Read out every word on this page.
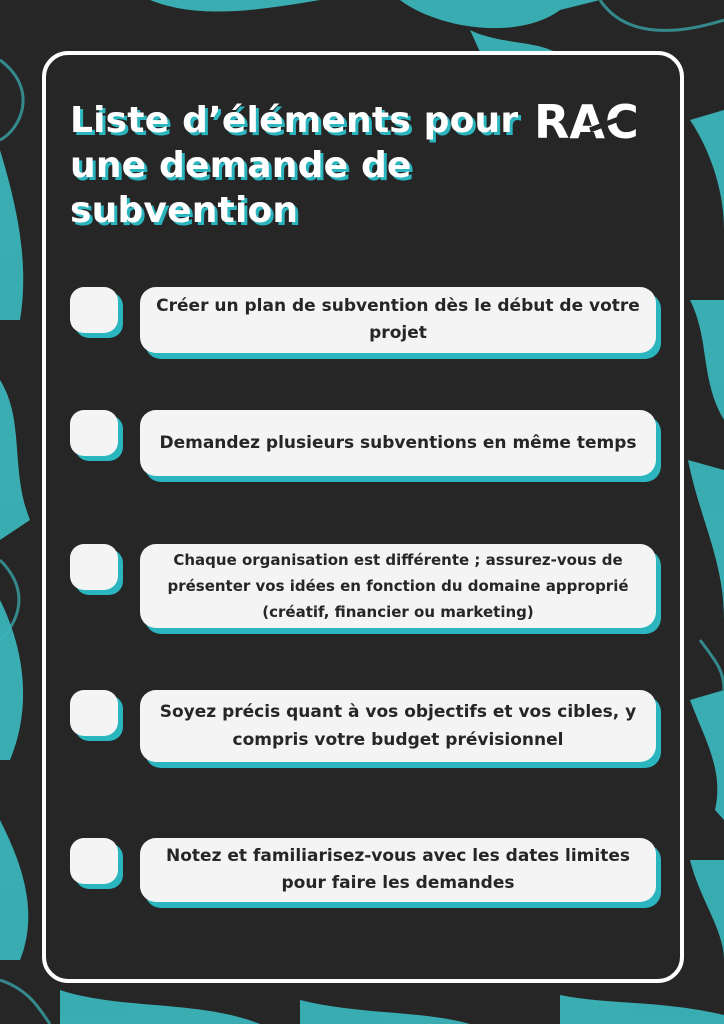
Liste d’éléments pour une demande de subvention
RAC
Créer un plan de subvention dès le début de votre projet
Demandez plusieurs subventions en même temps
Chaque organisation est différente ; assurez-vous de présenter vos idées en fonction du domaine approprié (créatif, financier ou marketing)
Soyez précis quant à vos objectifs et vos cibles, y compris votre budget prévisionnel
Notez et familiarisez-vous avec les dates limites pour faire les demandes
